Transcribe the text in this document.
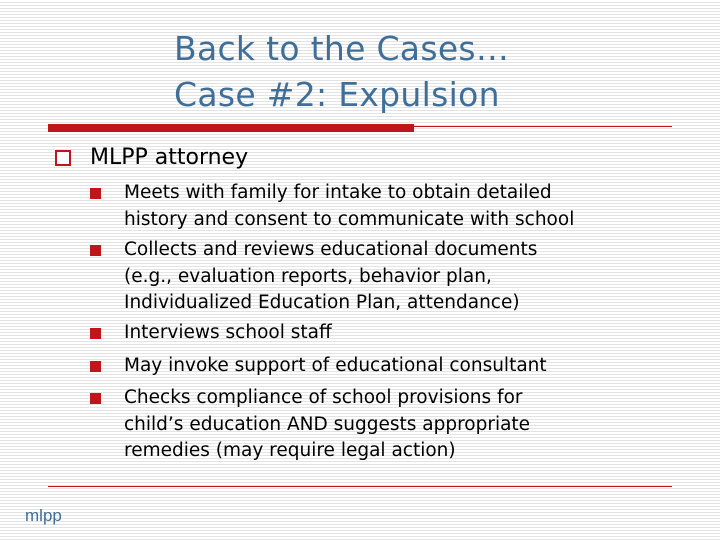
Back to the Cases…
Case #2: Expulsion
MLPP attorney
Meets with family for intake to obtain detailed
history and consent to communicate with school
Collects and reviews educational documents
(e.g., evaluation reports, behavior plan,
Individualized Education Plan, attendance)
Interviews school staff
May invoke support of educational consultant
Checks compliance of school provisions for
child’s education AND suggests appropriate
remedies (may require legal action)
mlpp
